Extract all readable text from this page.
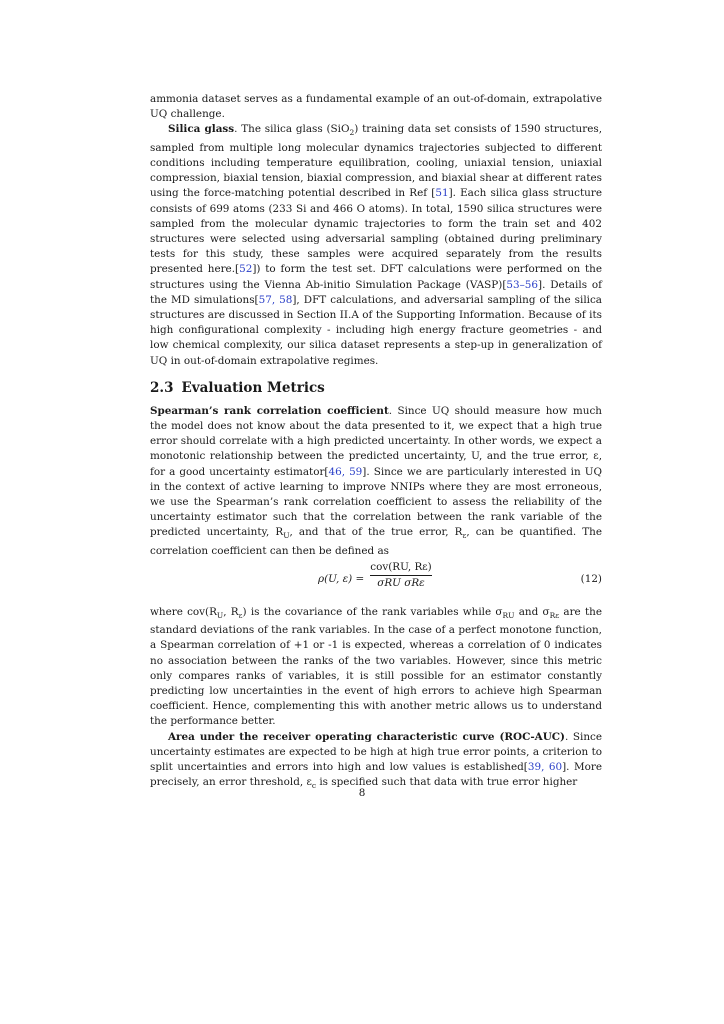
ammonia dataset serves as a fundamental example of an out-of-domain, extrapolative UQ challenge.

Silica glass. The silica glass (SiO$_2$) training data set consists of 1590 structures, sampled from multiple long molecular dynamics trajectories subjected to different conditions including temperature equilibration, cooling, uniaxial tension, uniaxial compression, biaxial tension, biaxial compression, and biaxial shear at different rates using the force-matching potential described in Ref [51]. Each silica glass structure consists of 699 atoms (233 Si and 466 O atoms). In total, 1590 silica structures were sampled from the molecular dynamic trajectories to form the train set and 402 structures were selected using adversarial sampling (obtained during preliminary tests for this study, these samples were acquired separately from the results presented here.[52]) to form the test set. DFT calculations were performed on the structures using the Vienna Ab-initio Simulation Package (VASP)[53–56]. Details of the MD simulations[57, 58], DFT calculations, and adversarial sampling of the silica structures are discussed in Section II.A of the Supporting Information. Because of its high configurational complexity - including high energy fracture geometries - and low chemical complexity, our silica dataset represents a step-up in generalization of UQ in out-of-domain extrapolative regimes.

2.3 Evaluation Metrics

Spearman’s rank correlation coefficient. Since UQ should measure how much the model does not know about the data presented to it, we expect that a high true error should correlate with a high predicted uncertainty. In other words, we expect a monotonic relationship between the predicted uncertainty, U, and the true error, ε, for a good uncertainty estimator[46, 59]. Since we are particularly interested in UQ in the context of active learning to improve NNIPs where they are most erroneous, we use the Spearman’s rank correlation coefficient to assess the reliability of the uncertainty estimator such that the correlation between the rank variable of the predicted uncertainty, $R_U$, and that of the true error, $R_\varepsilon$, can be quantified. The correlation coefficient can then be defined as

ρ(U, ε) =
cov(RU, Rε)
σRU σRε	(12)

where $cov(R_U$, $R_\varepsilon$) is the covariance of the rank variables while $\sigma_{RU}$ and $\sigma_{R\varepsilon}$ are the standard deviations of the rank variables. In the case of a perfect monotone function, a Spearman correlation of +1 or -1 is expected, whereas a correlation of 0 indicates no association between the ranks of the two variables. However, since this metric only compares ranks of variables, it is still possible for an estimator constantly predicting low uncertainties in the event of high errors to achieve high Spearman coefficient. Hence, complementing this with another metric allows us to understand the performance better.

Area under the receiver operating characteristic curve (ROC-AUC). Since uncertainty estimates are expected to be high at high true error points, a criterion to split uncertainties and errors into high and low values is established[39, 60]. More precisely, an error threshold, $\varepsilon_c$ is specified such that data with true error higher

8
